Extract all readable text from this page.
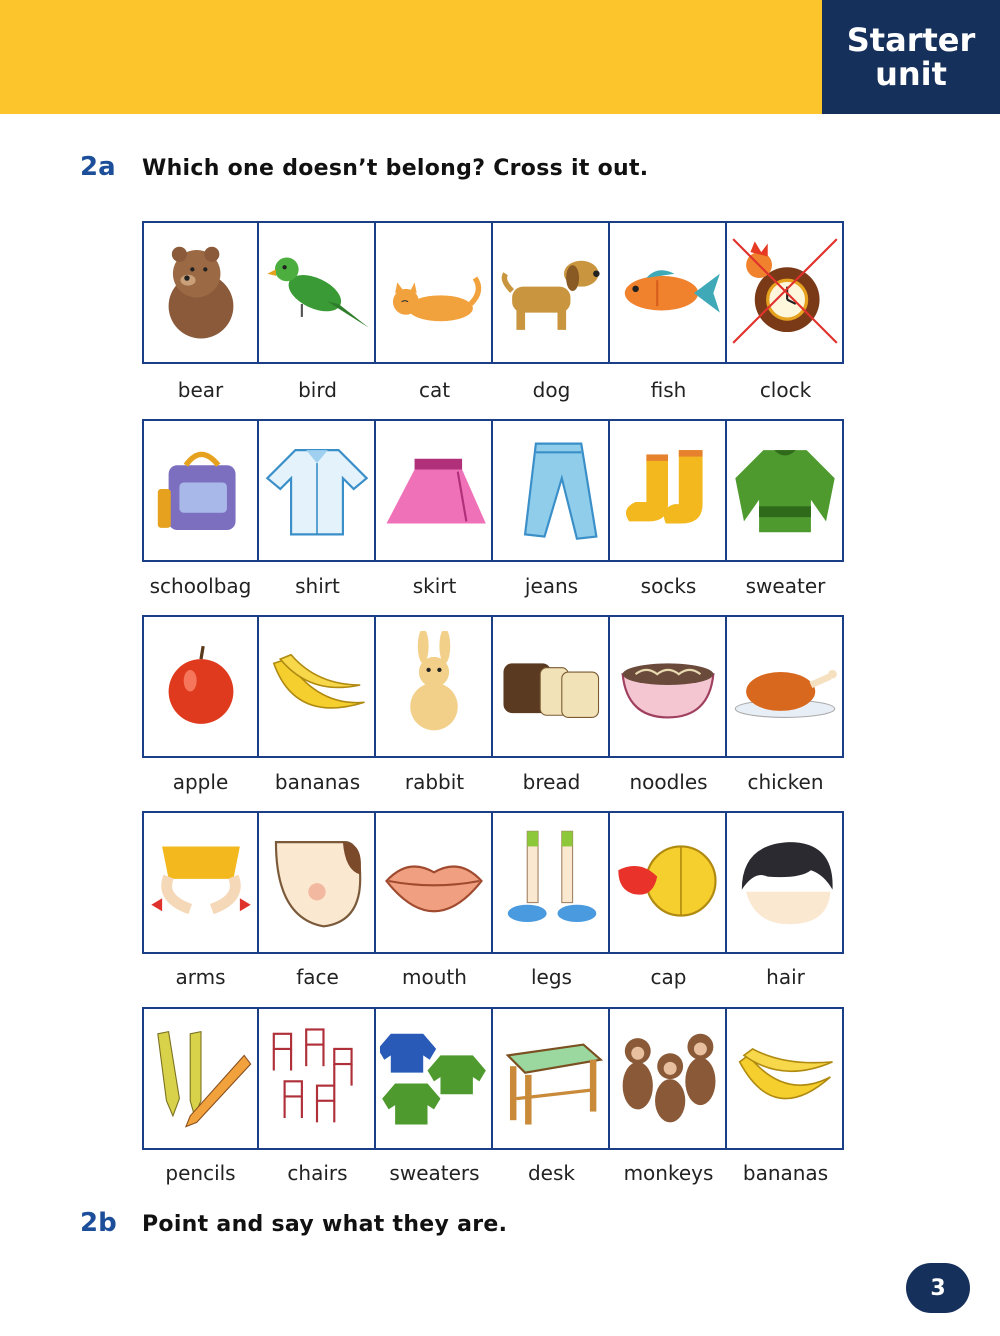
Starter
unit
2a	Which one doesn’t belong? Cross it out.
bear	bird	cat	dog	fish	clock
schoolbag	shirt	skirt	jeans	socks	sweater
apple	bananas	rabbit	bread	noodles	chicken
arms	face	mouth	legs	cap	hair
pencils	chairs	sweaters	desk	monkeys	bananas
2b	Point and say what they are.
3
